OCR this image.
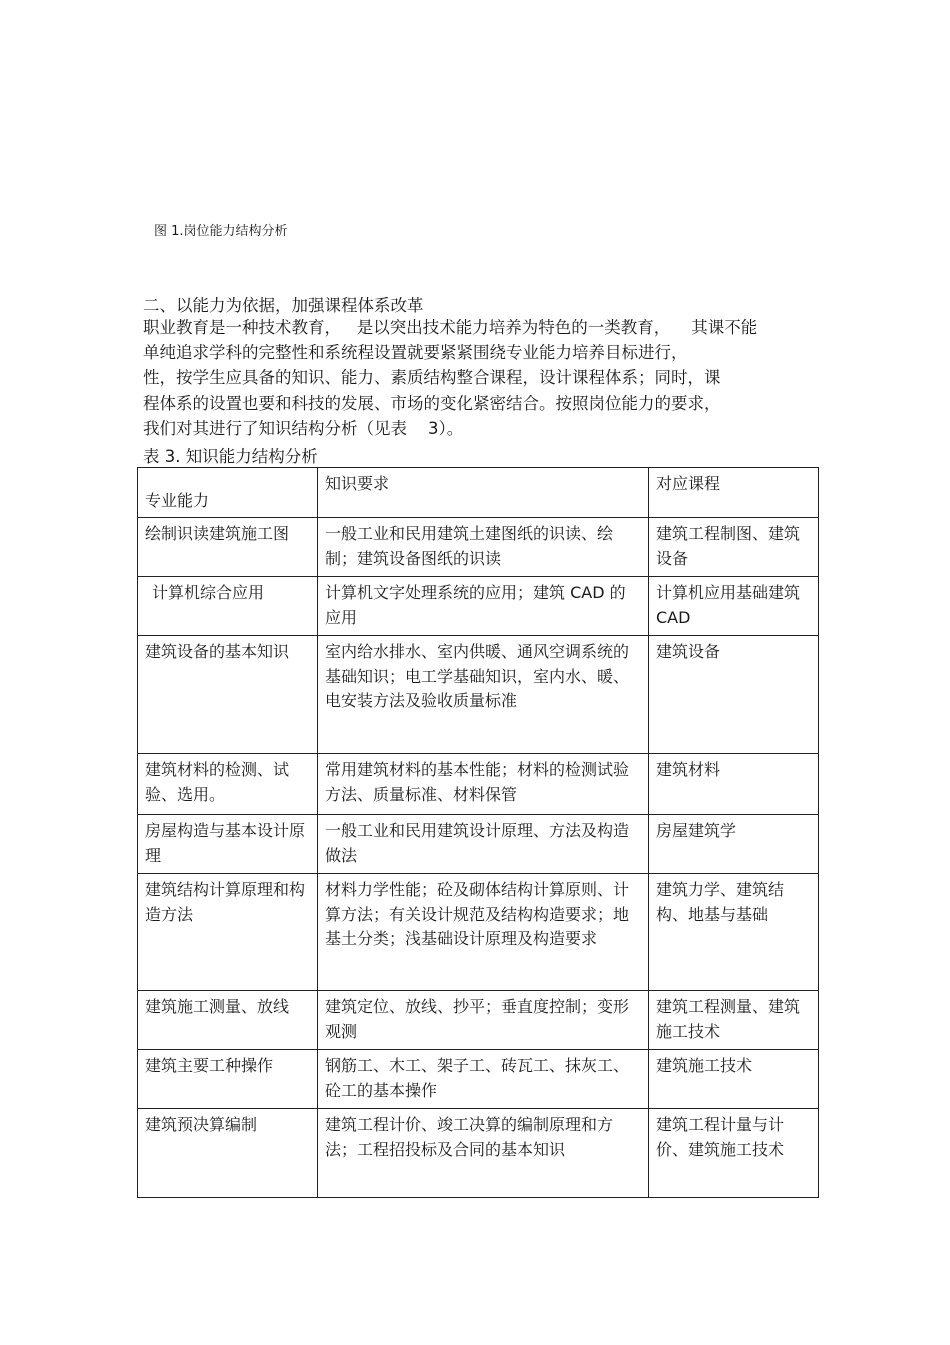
图 1.岗位能力结构分析
二、以能力为依据，加强课程体系改革
职业教育是一种技术教育，   是以突出技术能力培养为特色的一类教育，    其课不能
单纯追求学科的完整性和系统程设置就要紧紧围绕专业能力培养目标进行，
性，按学生应具备的知识、能力、素质结构整合课程，设计课程体系；同时，课
程体系的设置也要和科技的发展、市场的变化紧密结合。按照岗位能力的要求，
我们对其进行了知识结构分析（见表    3）。
表 3. 知识能力结构分析
专业能力	知识要求	对应课程
绘制识读建筑施工图	一般工业和民用建筑土建图纸的识读、绘制；建筑设备图纸的识读	建筑工程制图、建筑设备
计算机综合应用	计算机文字处理系统的应用；建筑 CAD 的应用	计算机应用基础建筑 CAD
建筑设备的基本知识	室内给水排水、室内供暖、通风空调系统的基础知识；电工学基础知识，室内水、暖、电安装方法及验收质量标准	建筑设备
建筑材料的检测、试验、选用。	常用建筑材料的基本性能；材料的检测试验方法、质量标准、材料保管	建筑材料
房屋构造与基本设计原理	一般工业和民用建筑设计原理、方法及构造做法	房屋建筑学
建筑结构计算原理和构造方法	材料力学性能；砼及砌体结构计算原则、计算方法；有关设计规范及结构构造要求；地基土分类；浅基础设计原理及构造要求	建筑力学、建筑结构、地基与基础
建筑施工测量、放线	建筑定位、放线、抄平；垂直度控制；变形观测	建筑工程测量、建筑施工技术
建筑主要工种操作	钢筋工、木工、架子工、砖瓦工、抹灰工、砼工的基本操作	建筑施工技术
建筑预决算编制	建筑工程计价、竣工决算的编制原理和方法；工程招投标及合同的基本知识	建筑工程计量与计价、建筑施工技术
